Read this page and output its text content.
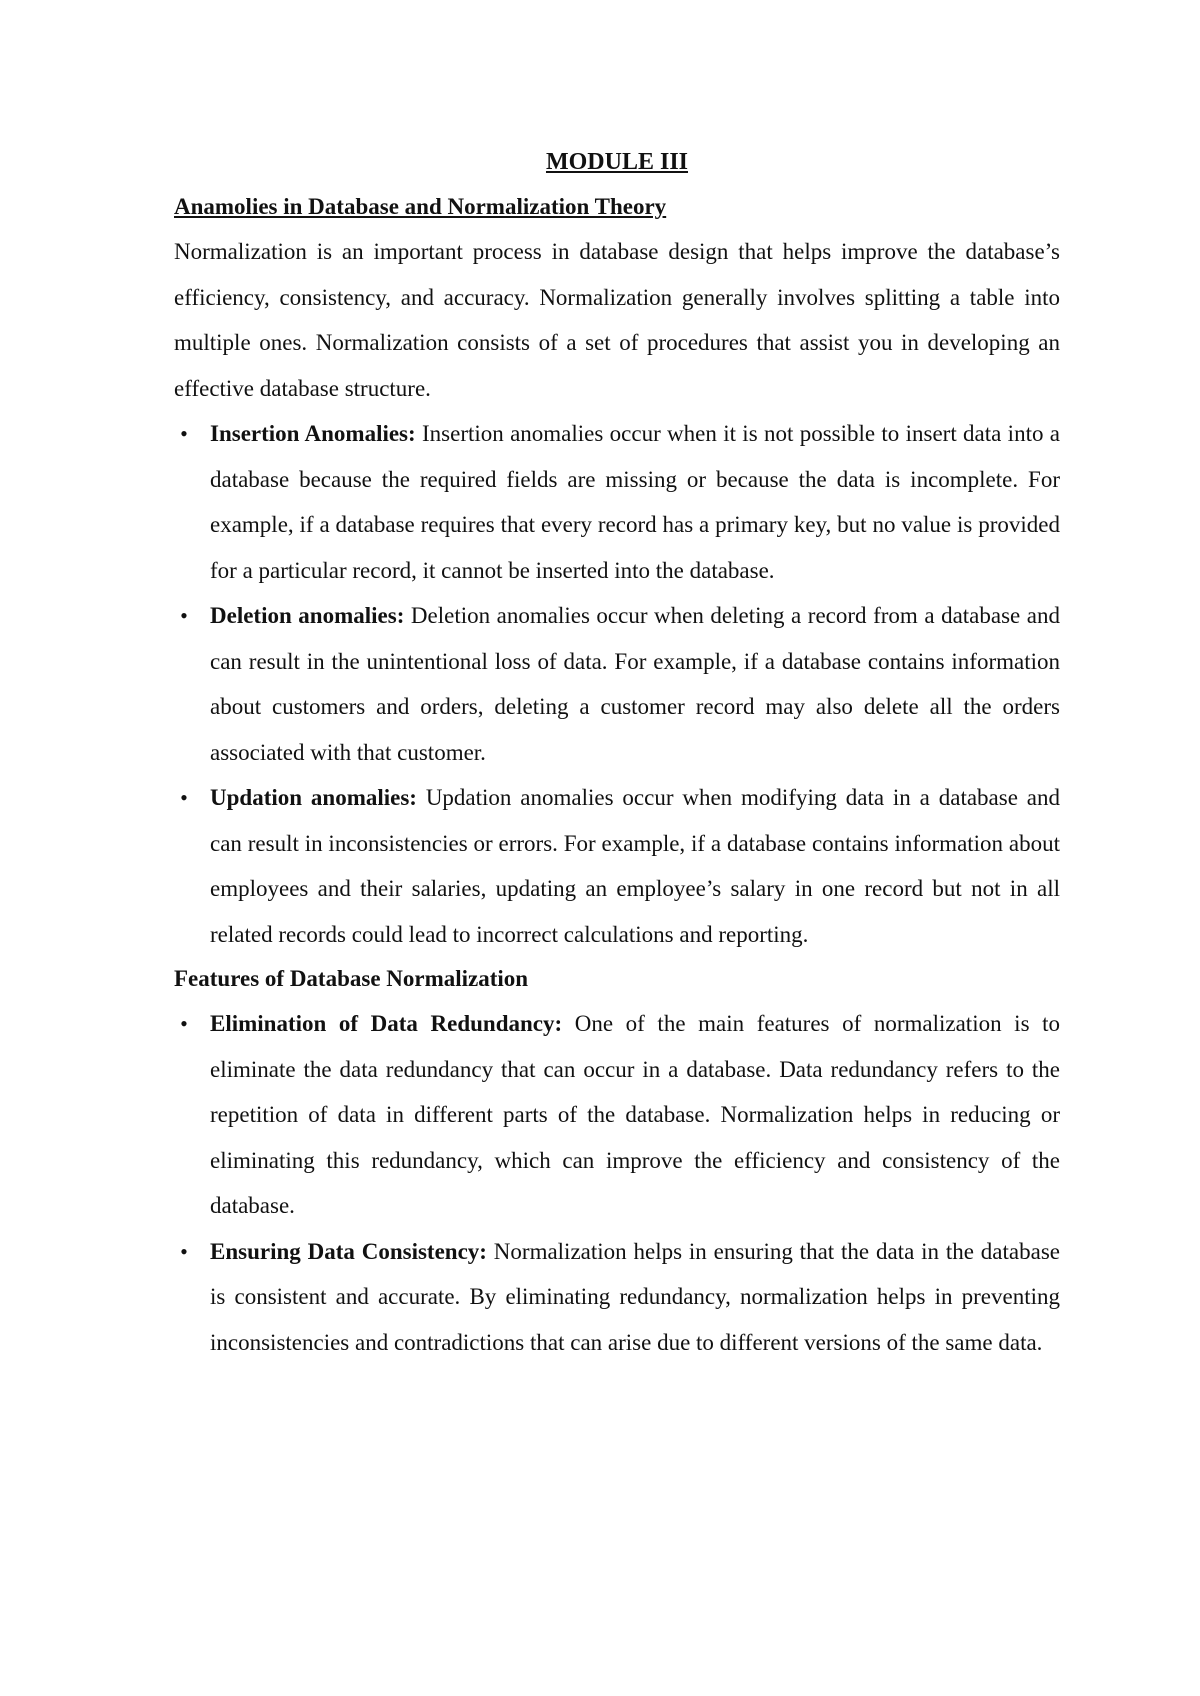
MODULE III
Anamolies in Database and Normalization Theory

Normalization is an important process in database design that helps improve the database’s efficiency, consistency, and accuracy. Normalization generally involves splitting a table into multiple ones. Normalization consists of a set of procedures that assist you in developing an effective database structure.

• Insertion Anomalies: Insertion anomalies occur when it is not possible to insert data into a database because the required fields are missing or because the data is incomplete. For example, if a database requires that every record has a primary key, but no value is provided for a particular record, it cannot be inserted into the database.
• Deletion anomalies: Deletion anomalies occur when deleting a record from a database and can result in the unintentional loss of data. For example, if a database contains information about customers and orders, deleting a customer record may also delete all the orders associated with that customer.
• Updation anomalies: Updation anomalies occur when modifying data in a database and can result in inconsistencies or errors. For example, if a database contains information about employees and their salaries, updating an employee’s salary in one record but not in all related records could lead to incorrect calculations and reporting.
Features of Database Normalization
• Elimination of Data Redundancy: One of the main features of normalization is to eliminate the data redundancy that can occur in a database. Data redundancy refers to the repetition of data in different parts of the database. Normalization helps in reducing or eliminating this redundancy, which can improve the efficiency and consistency of the database.
• Ensuring Data Consistency: Normalization helps in ensuring that the data in the database is consistent and accurate. By eliminating redundancy, normalization helps in preventing inconsistencies and contradictions that can arise due to different versions of the same data.
